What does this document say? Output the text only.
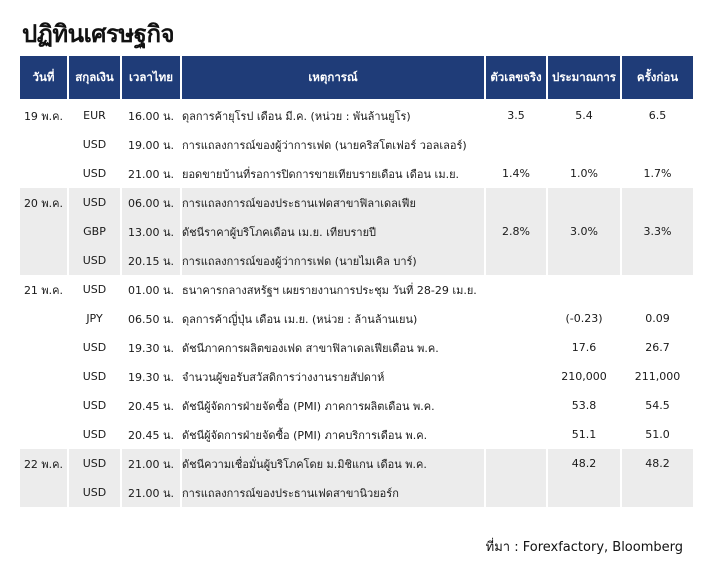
ปฏิทินเศรษฐกิจ
วันที่	สกุลเงิน	เวลาไทย	เหตุการณ์	ตัวเลขจริง	ประมาณการ	ครั้งก่อน
19 พ.ค.	EUR	16.00 น.	ดุลการค้ายุโรป เดือน มี.ค. (หน่วย : พันล้านยูโร)	3.5	5.4	6.5
	USD	19.00 น.	การแถลงการณ์ของผู้ว่าการเฟด (นายคริสโตเฟอร์ วอลเลอร์)			
	USD	21.00 น.	ยอดขายบ้านที่รอการปิดการขายเทียบรายเดือน เดือน เม.ย.	1.4%	1.0%	1.7%
20 พ.ค.	USD	06.00 น.	การแถลงการณ์ของประธานเฟดสาขาฟิลาเดลเฟีย			
	GBP	13.00 น.	ดัชนีราคาผู้บริโภคเดือน เม.ย. เทียบรายปี	2.8%	3.0%	3.3%
	USD	20.15 น.	การแถลงการณ์ของผู้ว่าการเฟด (นายไมเคิล บาร์)			
21 พ.ค.	USD	01.00 น.	ธนาคารกลางสหรัฐฯ เผยรายงานการประชุม วันที่ 28-29 เม.ย.			
	JPY	06.50 น.	ดุลการค้าญี่ปุ่น เดือน เม.ย. (หน่วย : ล้านล้านเยน)		(-0.23)	0.09
	USD	19.30 น.	ดัชนีภาคการผลิตของเฟด สาขาฟิลาเดลเฟียเดือน พ.ค.		17.6	26.7
	USD	19.30 น.	จำนวนผู้ขอรับสวัสดิการว่างงานรายสัปดาห์		210,000	211,000
	USD	20.45 น.	ดัชนีผู้จัดการฝ่ายจัดซื้อ (PMI) ภาคการผลิตเดือน พ.ค.		53.8	54.5
	USD	20.45 น.	ดัชนีผู้จัดการฝ่ายจัดซื้อ (PMI) ภาคบริการเดือน พ.ค.		51.1	51.0
22 พ.ค.	USD	21.00 น.	ดัชนีความเชื่อมั่นผู้บริโภคโดย ม.มิชิแกน เดือน พ.ค.		48.2	48.2
	USD	21.00 น.	การแถลงการณ์ของประธานเฟดสาขานิวยอร์ก			
ที่มา : Forexfactory, Bloomberg
